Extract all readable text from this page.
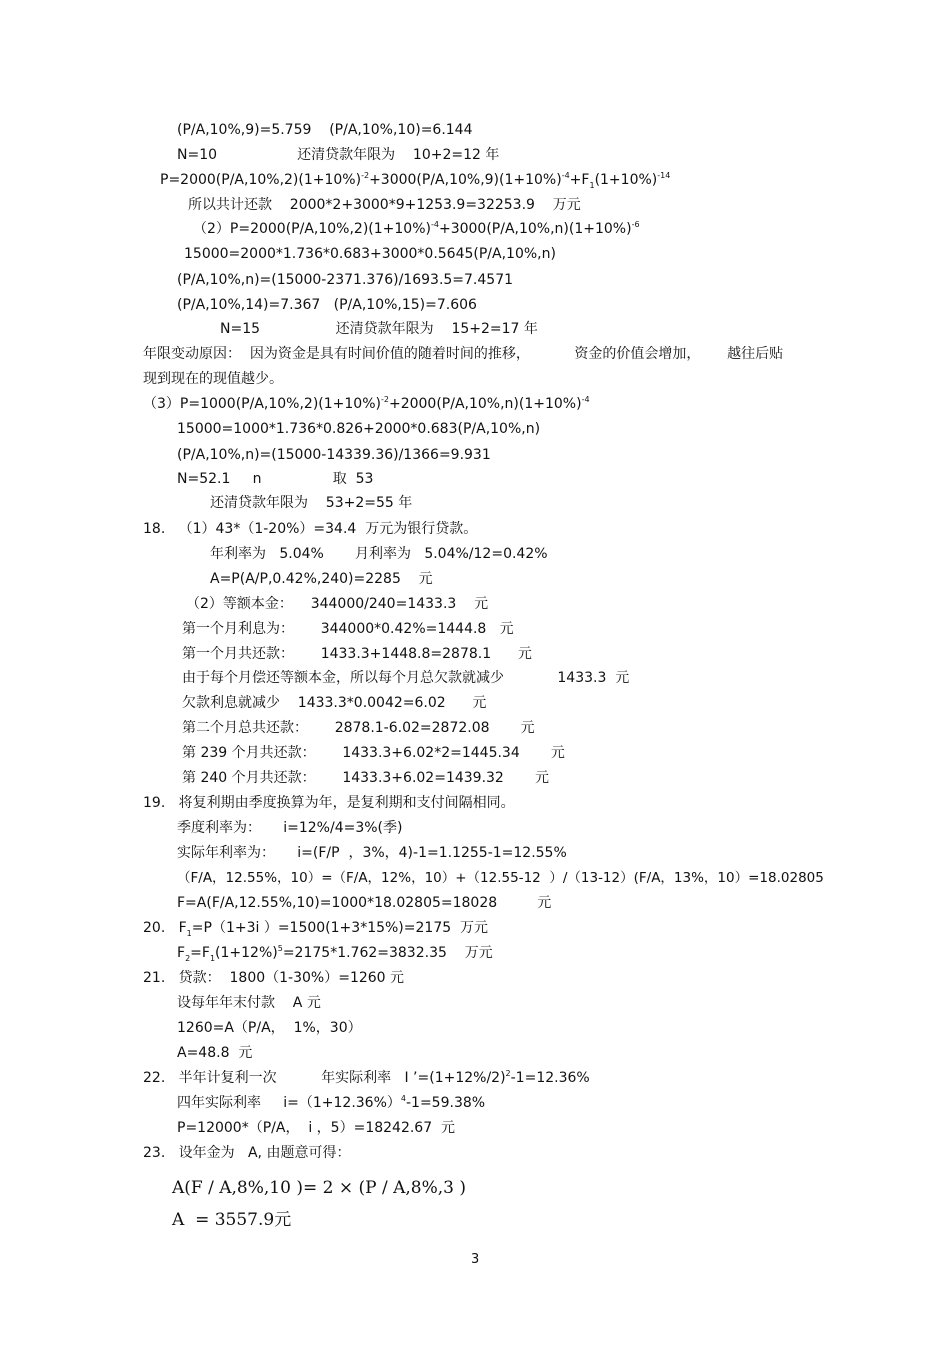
(P/A,10%,9)=5.759    (P/A,10%,10)=6.144
N=10                  还清贷款年限为    10+2=12 年
$P=2000(P/A,10\%,2)(1+10\%)^{-2}+3000(P/A,10\%,9)(1+10\%)^{-4}+F_1(1+10\%)^{-14}$
所以共计还款    2000*2+3000*9+1253.9=32253.9    万元
$(2)P=2000(P/A,10\%,2)(1+10\%)^{-4}+3000(P/A,10\%,n)(1+10\%)^{-6}$
15000=2000*1.736*0.683+3000*0.5645(P/A,10%,n)
(P/A,10%,n)=(15000-2371.376)/1693.5=7.4571
(P/A,10%,14)=7.367   (P/A,10%,15)=7.606
N=15                 还清贷款年限为    15+2=17 年
年限变动原因：  因为资金是具有时间价值的随着时间的推移，          资金的价值会增加，      越往后贴
现到现在的现值越少。
$(3)P=1000(P/A,10\%,2)(1+10\%)^{-2}+2000(P/A,10\%,n)(1+10\%)^{-4}$
15000=1000*1.736*0.826+2000*0.683(P/A,10%,n)
(P/A,10%,n)=(15000-14339.36)/1366=9.931
N=52.1     n                取  53
还清贷款年限为    53+2=55 年
18.   （1）43*（1-20%）=34.4  万元为银行贷款。
年利率为   5.04%       月利率为   5.04%/12=0.42%
A=P(A/P,0.42%,240)=2285    元
（2）等额本金：    344000/240=1433.3    元
第一个月利息为：      344000*0.42%=1444.8   元
第一个月共还款：      1433.3+1448.8=2878.1      元
由于每个月偿还等额本金，所以每个月总欠款就减少            1433.3  元
欠款利息就减少    1433.3*0.0042=6.02      元
第二个月总共还款：      2878.1-6.02=2872.08       元
第 239 个月共还款：      1433.3+6.02*2=1445.34       元
第 240 个月共还款：      1433.3+6.02=1439.32       元
19.   将复利期由季度换算为年，是复利期和支付间隔相同。
季度利率为：     i=12%/4=3%(季)
实际年利率为：     i=(F/P  ，3%，4)-1=1.1255-1=12.55%
（F/A，12.55%，10）=（F/A，12%，10）+（12.55-12  ）/（13-12）(F/A，13%，10）=18.02805
F=A(F/A,12.55%,10)=1000*18.02805=18028         元
20.   $F_1=P(1+3i$ ）=1500(1+3*15%)=2175  万元
$F_2=F_1(1+12\%)^5=2175*1.762=3832.35$    万元
21.   贷款：  1800（1-30%）=1260 元
设每年年末付款    A 元
1260=A（P/A，  1%，30）
A=48.8  元
22.   半年计复利一次          年实际利率   I $’=(1+12\%/2)^2-1=12.36\%$
四年实际利率     $i=(1+12.36\%)^4-1=59.38\%$
P=12000*（P/A，  i ，5）=18242.67  元
23.   设年金为   A, 由题意可得：
A(F / A,8%,10 )= 2 × (P / A,8%,3 )
A  = 3557.9元
3
